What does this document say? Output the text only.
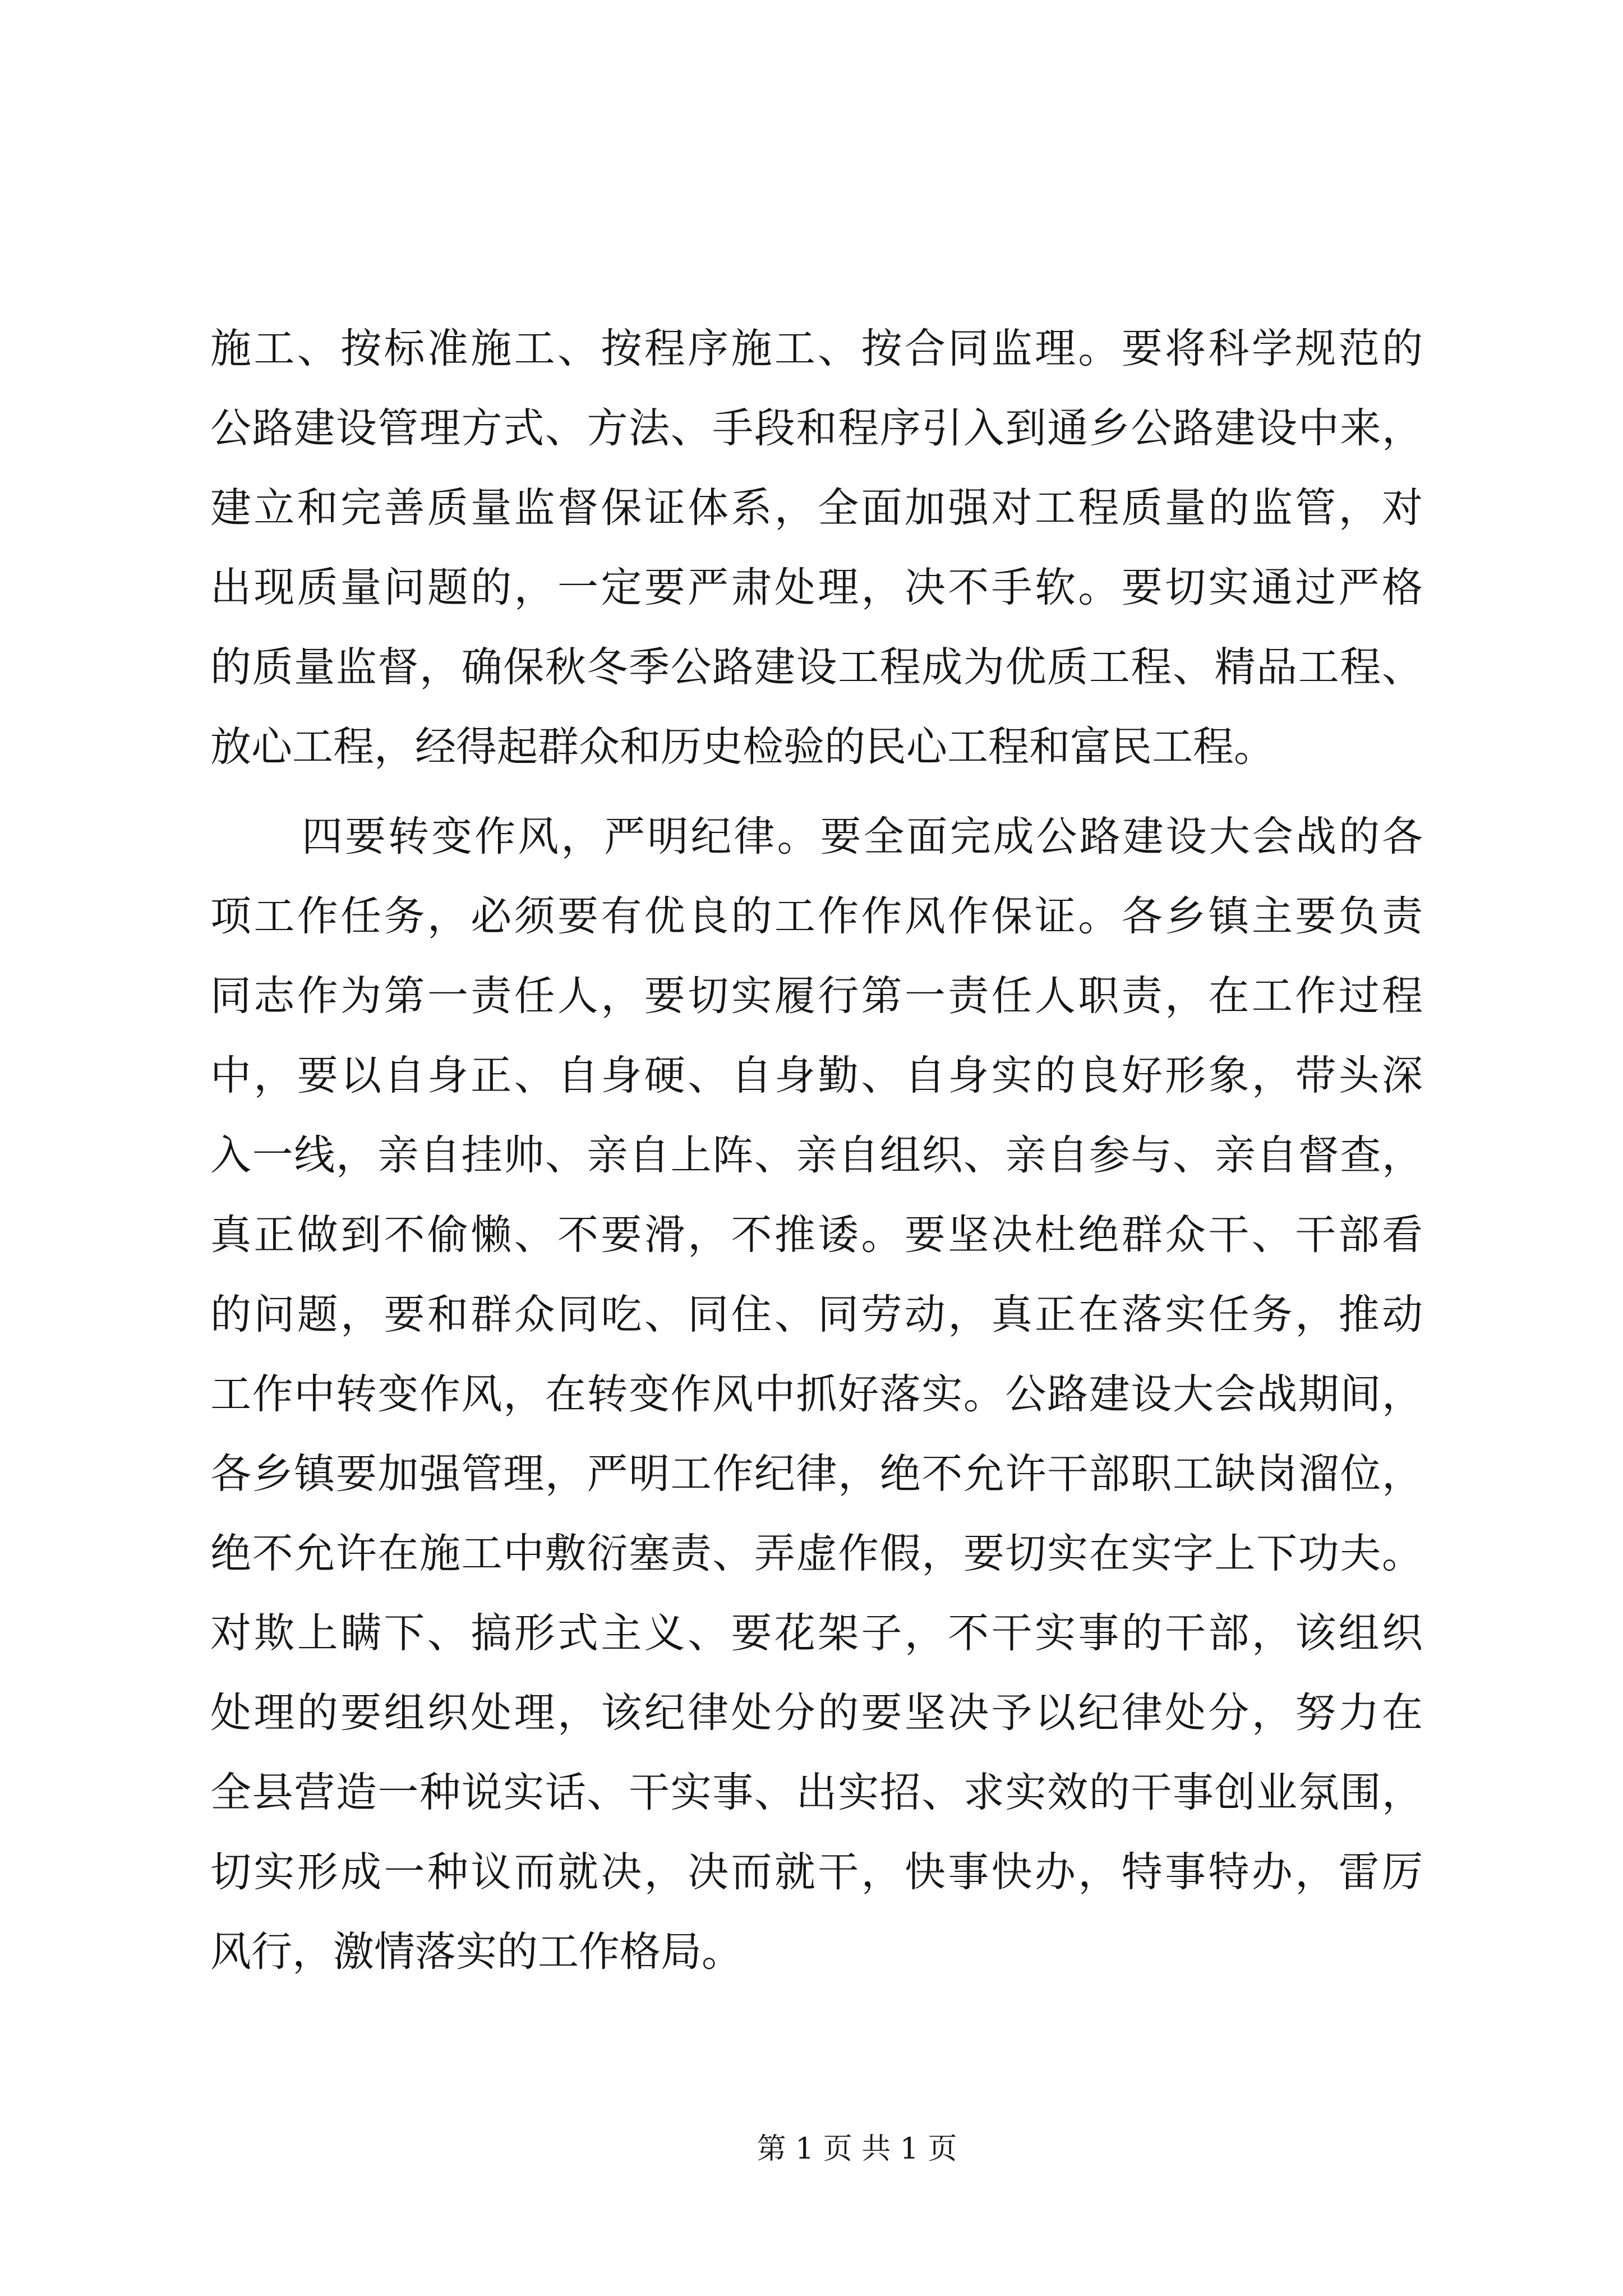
施工、按标准施工、按程序施工、按合同监理。要将科学规范的
公路建设管理方式、方法、手段和程序引入到通乡公路建设中来，
建立和完善质量监督保证体系，全面加强对工程质量的监管，对
出现质量问题的，一定要严肃处理，决不手软。要切实通过严格
的质量监督，确保秋冬季公路建设工程成为优质工程、精品工程、
放心工程，经得起群众和历史检验的民心工程和富民工程。
四要转变作风，严明纪律。要全面完成公路建设大会战的各
项工作任务，必须要有优良的工作作风作保证。各乡镇主要负责
同志作为第一责任人，要切实履行第一责任人职责，在工作过程
中，要以自身正、自身硬、自身勤、自身实的良好形象，带头深
入一线，亲自挂帅、亲自上阵、亲自组织、亲自参与、亲自督查，
真正做到不偷懒、不要滑，不推诿。要坚决杜绝群众干、干部看
的问题，要和群众同吃、同住、同劳动，真正在落实任务，推动
工作中转变作风，在转变作风中抓好落实。公路建设大会战期间，
各乡镇要加强管理，严明工作纪律，绝不允许干部职工缺岗溜位，
绝不允许在施工中敷衍塞责、弄虚作假，要切实在实字上下功夫。
对欺上瞒下、搞形式主义、要花架子，不干实事的干部，该组织
处理的要组织处理，该纪律处分的要坚决予以纪律处分，努力在
全县营造一种说实话、干实事、出实招、求实效的干事创业氛围，
切实形成一种议而就决，决而就干，快事快办，特事特办，雷厉
风行，激情落实的工作格局。
第 1 页 共 1 页
